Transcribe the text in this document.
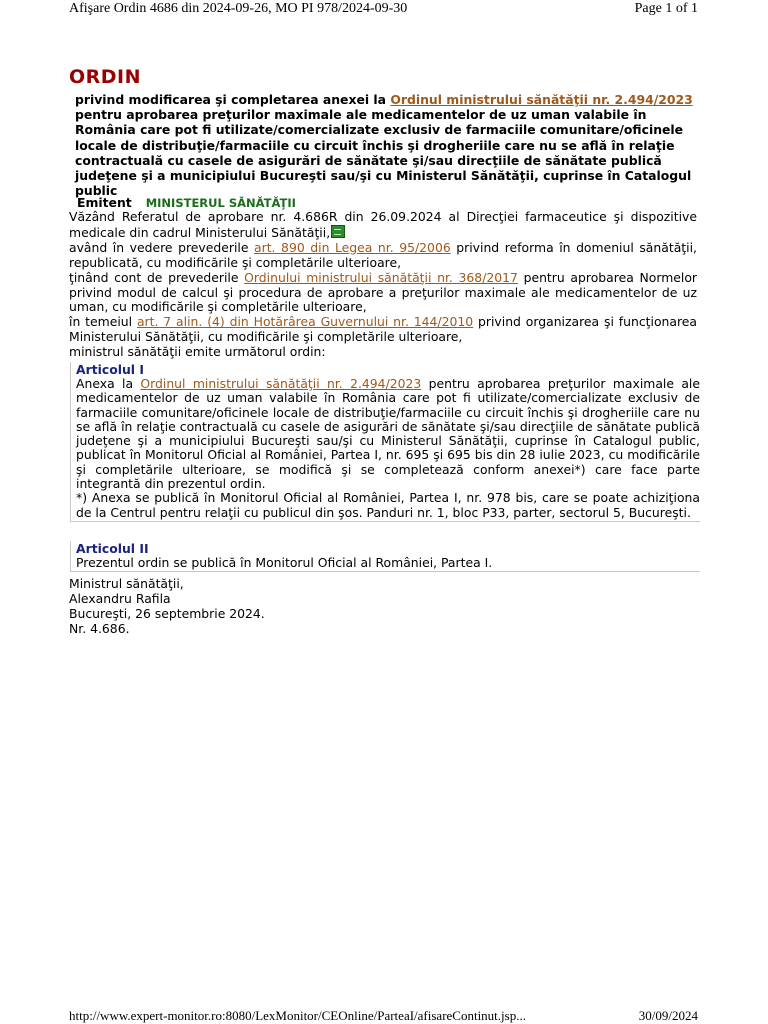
Afişare Ordin 4686 din 2024-09-26, MO PI 978/2024-09-30	Page 1 of 1
ORDIN

privind modificarea şi completarea anexei la Ordinul ministrului sănătăţii nr. 2.494/2023 pentru aprobarea preţurilor maximale ale medicamentelor de uz uman valabile în România care pot fi utilizate/comercializate exclusiv de farmaciile comunitare/oficinele locale de distribuţie/farmaciile cu circuit închis şi drogheriile care nu se află în relaţie contractuală cu casele de asigurări de sănătate şi/sau direcţiile de sănătate publică judeţene şi a municipiului Bucureşti sau/şi cu Ministerul Sănătăţii, cuprinse în Catalogul public

Emitent MINISTERUL SĂNĂTĂŢII

Văzând Referatul de aprobare nr. 4.686R din 26.09.2024 al Direcţiei farmaceutice şi dispozitive medicale din cadrul Ministerului Sănătăţii,

având în vedere prevederile art. 890 din Legea nr. 95/2006 privind reforma în domeniul sănătăţii, republicată, cu modificările şi completările ulterioare,

ţinând cont de prevederile Ordinului ministrului sănătăţii nr. 368/2017 pentru aprobarea Normelor privind modul de calcul şi procedura de aprobare a preţurilor maximale ale medicamentelor de uz uman, cu modificările şi completările ulterioare,

în temeiul art. 7 alin. (4) din Hotărârea Guvernului nr. 144/2010 privind organizarea şi funcţionarea Ministerului Sănătăţii, cu modificările şi completările ulterioare,

ministrul sănătăţii emite următorul ordin:

Articolul I

Anexa la Ordinul ministrului sănătăţii nr. 2.494/2023 pentru aprobarea preţurilor maximale ale medicamentelor de uz uman valabile în România care pot fi utilizate/comercializate exclusiv de farmaciile comunitare/oficinele locale de distribuţie/farmaciile cu circuit închis şi drogheriile care nu se află în relaţie contractuală cu casele de asigurări de sănătate şi/sau direcţiile de sănătate publică judeţene şi a municipiului Bucureşti sau/şi cu Ministerul Sănătăţii, cuprinse în Catalogul public, publicat în Monitorul Oficial al României, Partea I, nr. 695 şi 695 bis din 28 iulie 2023, cu modificările şi completările ulterioare, se modifică şi se completează conform anexei*) care face parte integrantă din prezentul ordin.

*) Anexa se publică în Monitorul Oficial al României, Partea I, nr. 978 bis, care se poate achiziţiona de la Centrul pentru relaţii cu publicul din şos. Panduri nr. 1, bloc P33, parter, sectorul 5, Bucureşti.

Articolul II

Prezentul ordin se publică în Monitorul Oficial al României, Partea I.

Ministrul sănătăţii,
Alexandru Rafila
Bucureşti, 26 septembrie 2024.
Nr. 4.686.
http://www.expert-monitor.ro:8080/LexMonitor/CEOnline/ParteaI/afisareContinut.jsp...	30/09/2024
